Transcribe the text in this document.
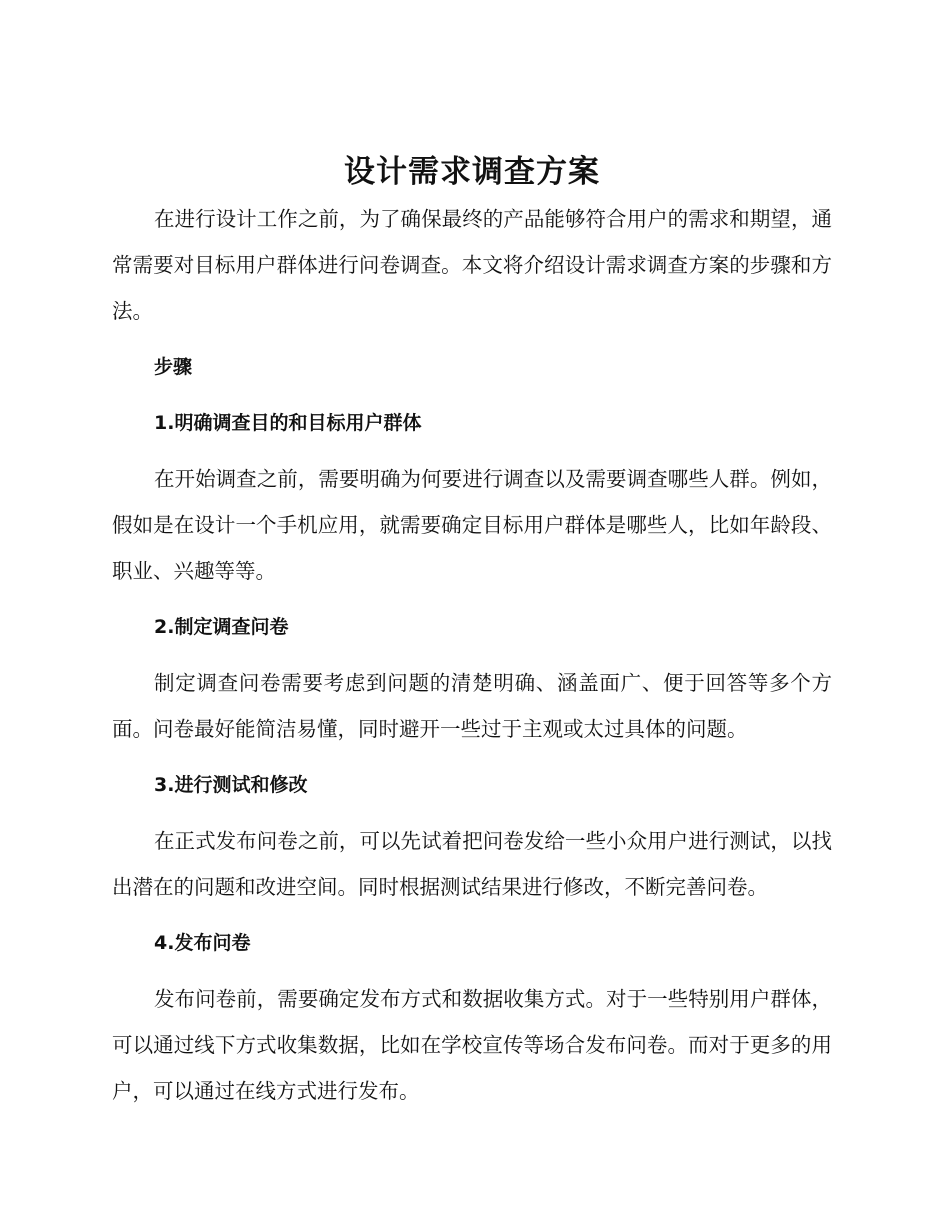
设计需求调查方案

在进行设计工作之前，为了确保最终的产品能够符合用户的需求和期望，通常需要对目标用户群体进行问卷调查。本文将介绍设计需求调查方案的步骤和方法。

步骤
1.明确调查目的和目标用户群体

在开始调查之前，需要明确为何要进行调查以及需要调查哪些人群。例如，假如是在设计一个手机应用，就需要确定目标用户群体是哪些人，比如年龄段、职业、兴趣等等。

2.制定调查问卷

制定调查问卷需要考虑到问题的清楚明确、涵盖面广、便于回答等多个方面。问卷最好能简洁易懂，同时避开一些过于主观或太过具体的问题。

3.进行测试和修改

在正式发布问卷之前，可以先试着把问卷发给一些小众用户进行测试，以找出潜在的问题和改进空间。同时根据测试结果进行修改，不断完善问卷。

4.发布问卷

发布问卷前，需要确定发布方式和数据收集方式。对于一些特别用户群体，可以通过线下方式收集数据，比如在学校宣传等场合发布问卷。而对于更多的用户，可以通过在线方式进行发布。
